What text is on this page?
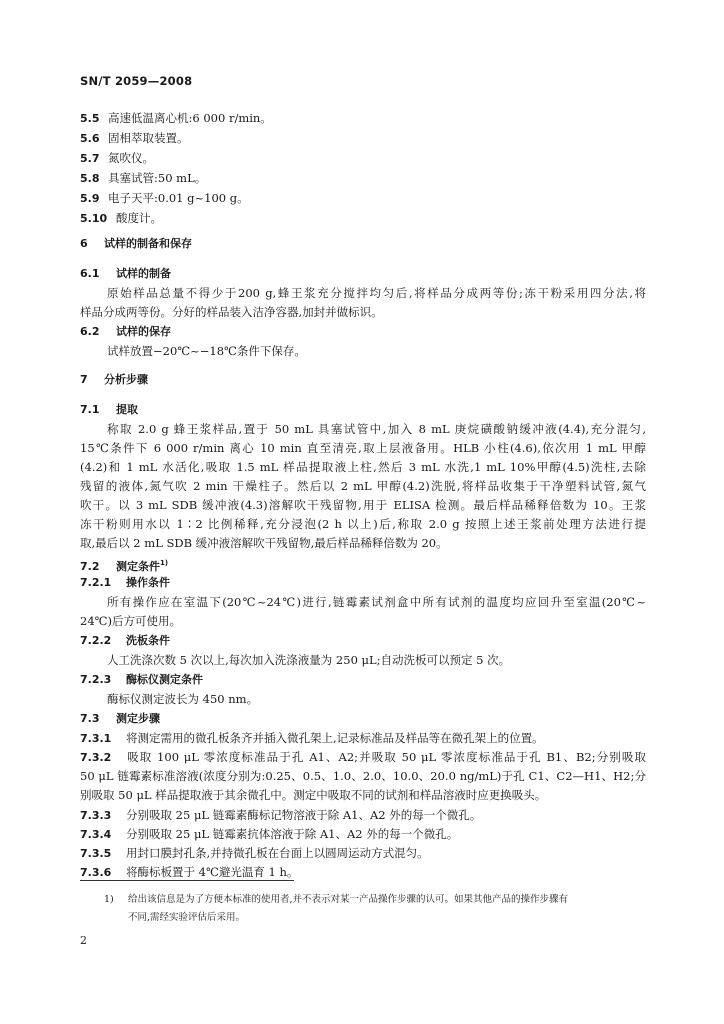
SN/T 2059—2008
5.5 高速低温离心机:6 000 r/min。
5.6 固相萃取装置。
5.7 氮吹仪。
5.8 具塞试管:50 mL。
5.9 电子天平:0.01 g~100 g。
5.10 酸度计。
6 试样的制备和保存
6.1 试样的制备
原始样品总量不得少于200 g,蜂王浆充分搅拌均匀后,将样品分成两等份;冻干粉采用四分法,将
样品分成两等份。分好的样品装入洁净容器,加封并做标识。
6.2 试样的保存
试样放置−20℃~−18℃条件下保存。
7 分析步骤
7.1 提取
称取 2.0 g 蜂王浆样品,置于 50 mL 具塞试管中,加入 8 mL 庚烷磺酸钠缓冲液(4.4),充分混匀,
15℃条件下 6 000 r/min 离心 10 min 直至清亮,取上层液备用。HLB 小柱(4.6),依次用 1 mL 甲醇
(4.2)和 1 mL 水活化,吸取 1.5 mL 样品提取液上柱,然后 3 mL 水洗,1 mL 10%甲醇(4.5)洗柱,去除
残留的液体,氮气吹 2 min 干燥柱子。然后以 2 mL 甲醇(4.2)洗脱,将样品收集于干净塑料试管,氮气
吹干。以 3 mL SDB 缓冲液(4.3)溶解吹干残留物,用于 ELISA 检测。最后样品稀释倍数为 10。王浆
冻干粉则用水以 1∶2 比例稀释,充分浸泡(2 h 以上)后,称取 2.0 g 按照上述王浆前处理方法进行提
取,最后以 2 mL SDB 缓冲液溶解吹干残留物,最后样品稀释倍数为 20。
7.2 测定条件$^{1)}$
7.2.1 操作条件
所有操作应在室温下(20℃~24℃)进行,链霉素试剂盒中所有试剂的温度均应回升至室温(20℃~
24℃)后方可使用。
7.2.2 洗板条件
人工洗涤次数 5 次以上,每次加入洗涤液量为 250 μL;自动洗板可以预定 5 次。
7.2.3 酶标仪测定条件
酶标仪测定波长为 450 nm。
7.3 测定步骤
7.3.1 将测定需用的微孔板条齐并插入微孔架上,记录标准品及样品等在微孔架上的位置。
7.3.2 吸取 100 μL 零浓度标准品于孔 A1、A2;并吸取 50 μL 零浓度标准品于孔 B1、B2;分别吸取
50 μL 链霉素标准溶液(浓度分别为:0.25、0.5、1.0、2.0、10.0、20.0 ng/mL)于孔 C1、C2—H1、H2;分
别吸取 50 μL 样品提取液于其余微孔中。测定中吸取不同的试剂和样品溶液时应更换吸头。
7.3.3 分别吸取 25 μL 链霉素酶标记物溶液于除 A1、A2 外的每一个微孔。
7.3.4 分别吸取 25 μL 链霉素抗体溶液于除 A1、A2 外的每一个微孔。
7.3.5 用封口膜封孔条,并持微孔板在台面上以圆周运动方式混匀。
7.3.6 将酶标板置于 4℃避光温育 1 h。
1) 给出该信息是为了方便本标准的使用者,并不表示对某一产品操作步骤的认可。如果其他产品的操作步骤有
不同,需经实验评估后采用。
2
